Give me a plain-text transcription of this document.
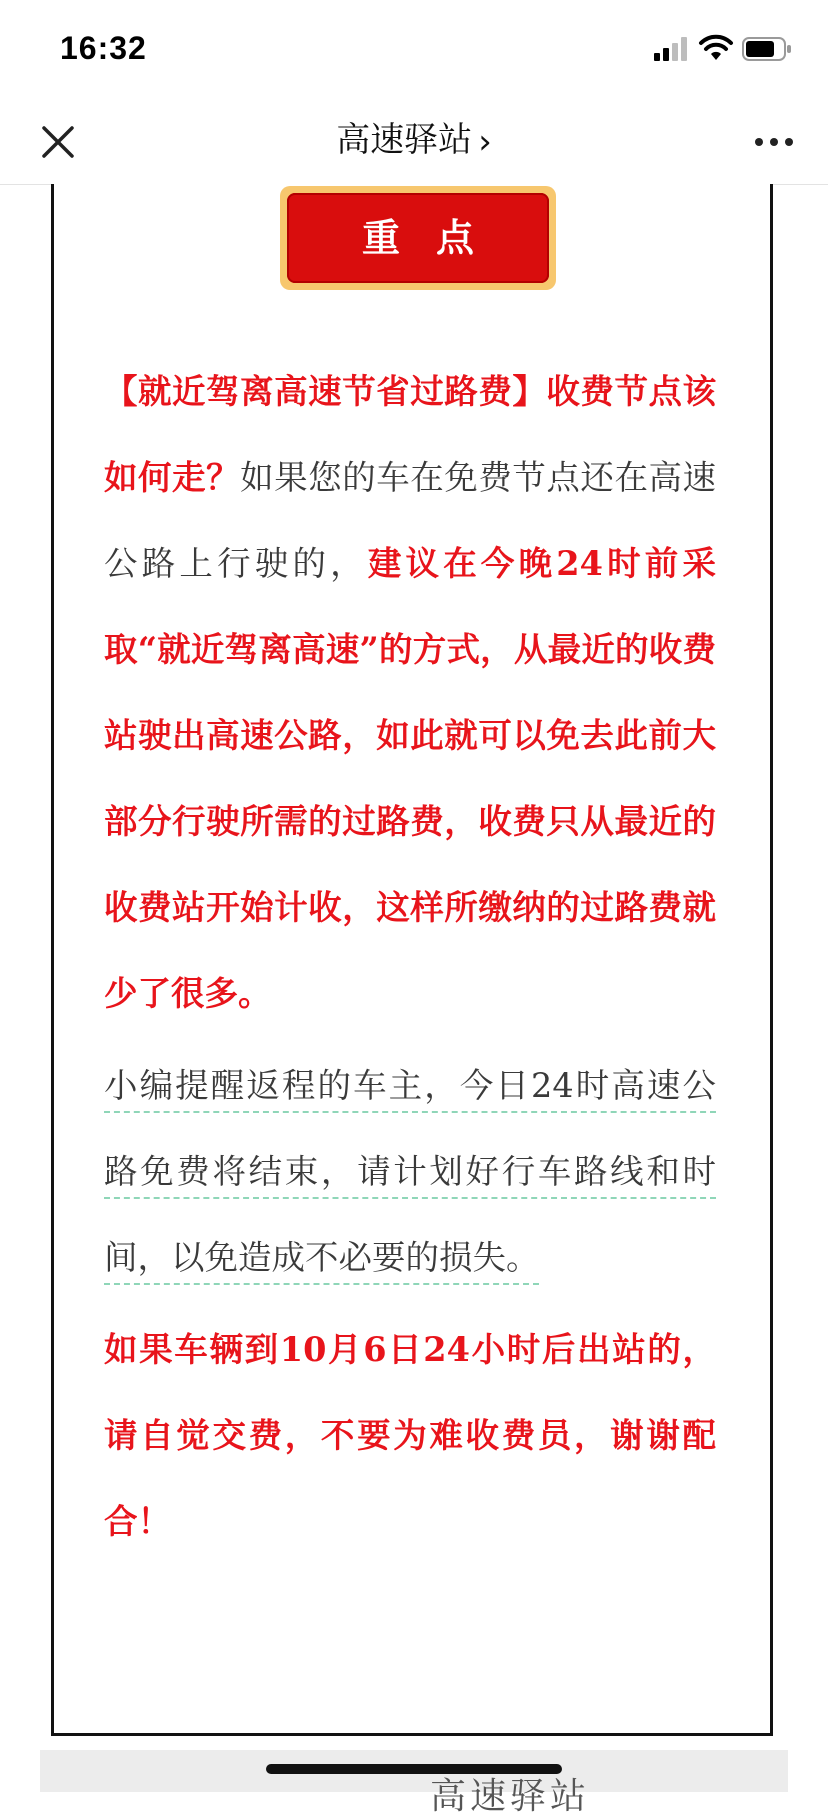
16:32
高速驿站 ›
重点

【就近驾离高速节省过路费】收费节点该如何走？如果您的车在免费节点还在高速公路上行驶的，建议在今晚24时前采取“就近驾离高速”的方式，从最近的收费站驶出高速公路，如此就可以免去此前大部分行驶所需的过路费，收费只从最近的收费站开始计收，这样所缴纳的过路费就少了很多。

小编提醒返程的车主，今日24时高速公路免费将结束，请计划好行车路线和时间，以免造成不必要的损失。

如果车辆到10月6日24小时后出站的，请自觉交费，不要为难收费员，谢谢配合！

高速驿站
